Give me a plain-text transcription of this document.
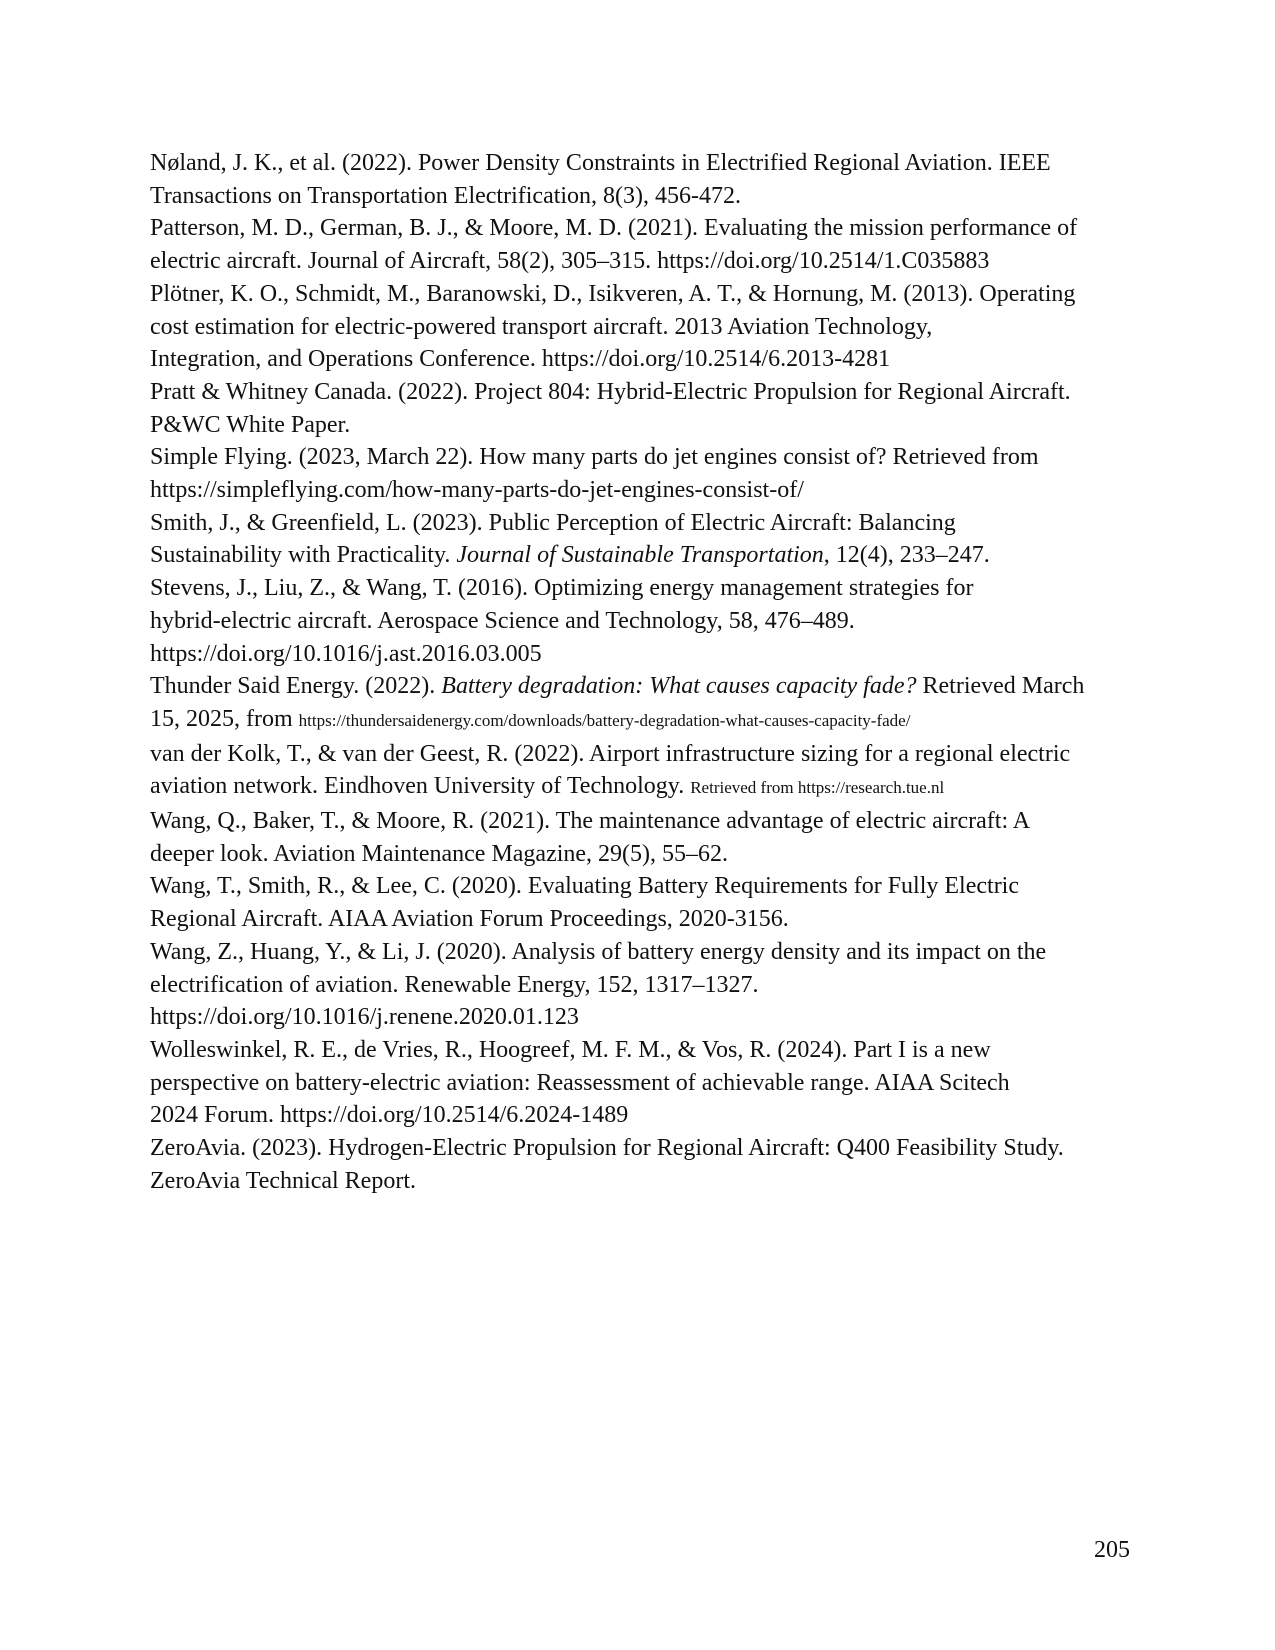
Nøland, J. K., et al. (2022). Power Density Constraints in Electrified Regional Aviation. IEEE
Transactions on Transportation Electrification, 8(3), 456-472.

Patterson, M. D., German, B. J., & Moore, M. D. (2021). Evaluating the mission performance of
electric aircraft. Journal of Aircraft, 58(2), 305–315. https://doi.org/10.2514/1.C035883

Plötner, K. O., Schmidt, M., Baranowski, D., Isikveren, A. T., & Hornung, M. (2013). Operating
cost estimation for electric-powered transport aircraft. 2013 Aviation Technology,
Integration, and Operations Conference. https://doi.org/10.2514/6.2013-4281

Pratt & Whitney Canada. (2022). Project 804: Hybrid-Electric Propulsion for Regional Aircraft.
P&WC White Paper.

Simple Flying. (2023, March 22). How many parts do jet engines consist of? Retrieved from
https://simpleflying.com/how-many-parts-do-jet-engines-consist-of/

Smith, J., & Greenfield, L. (2023). Public Perception of Electric Aircraft: Balancing
Sustainability with Practicality. Journal of Sustainable Transportation, 12(4), 233–247.

Stevens, J., Liu, Z., & Wang, T. (2016). Optimizing energy management strategies for
hybrid-electric aircraft. Aerospace Science and Technology, 58, 476–489.
https://doi.org/10.1016/j.ast.2016.03.005

Thunder Said Energy. (2022). Battery degradation: What causes capacity fade? Retrieved March
15, 2025, from https://thundersaidenergy.com/downloads/battery-degradation-what-causes-capacity-fade/

van der Kolk, T., & van der Geest, R. (2022). Airport infrastructure sizing for a regional electric
aviation network. Eindhoven University of Technology. Retrieved from https://research.tue.nl

Wang, Q., Baker, T., & Moore, R. (2021). The maintenance advantage of electric aircraft: A
deeper look. Aviation Maintenance Magazine, 29(5), 55–62.

Wang, T., Smith, R., & Lee, C. (2020). Evaluating Battery Requirements for Fully Electric
Regional Aircraft. AIAA Aviation Forum Proceedings, 2020-3156.

Wang, Z., Huang, Y., & Li, J. (2020). Analysis of battery energy density and its impact on the
electrification of aviation. Renewable Energy, 152, 1317–1327.
https://doi.org/10.1016/j.renene.2020.01.123

Wolleswinkel, R. E., de Vries, R., Hoogreef, M. F. M., & Vos, R. (2024). Part I is a new
perspective on battery-electric aviation: Reassessment of achievable range. AIAA Scitech
2024 Forum. https://doi.org/10.2514/6.2024-1489

ZeroAvia. (2023). Hydrogen-Electric Propulsion for Regional Aircraft: Q400 Feasibility Study.
ZeroAvia Technical Report.

205
